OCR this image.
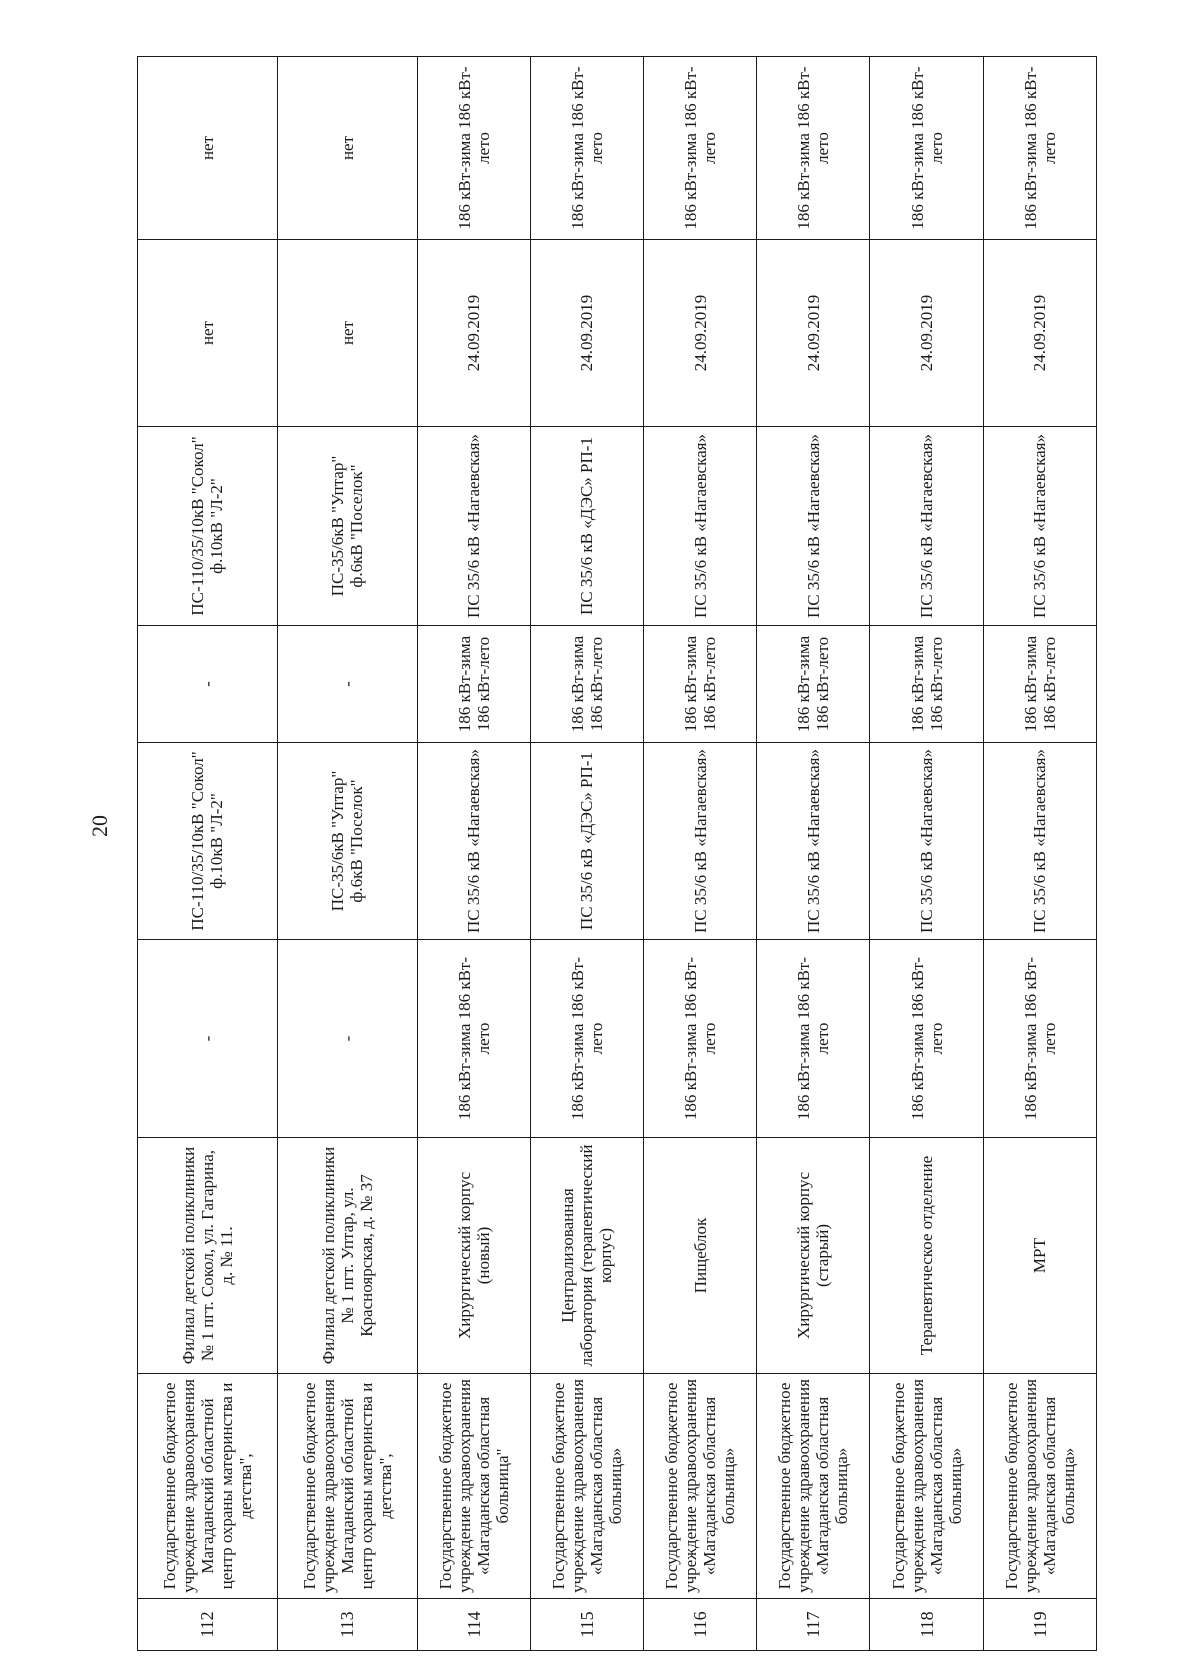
20
112	Государственное бюджетное учреждение здравоохранения Магаданский областной центр охраны материнства и детства",	Филиал детской поликлиники № 1 пгт. Сокол, ул. Гагарина, д. № 11.	-	ПС-110/35/10кВ "Сокол" ф.10кВ "Л-2"	-	ПС-110/35/10кВ "Сокол" ф.10кВ "Л-2"	нет	нет
113	Государственное бюджетное учреждение здравоохранения Магаданский областной центр охраны материнства и детства",	Филиал детской поликлиники № 1 пгт. Уптар, ул. Красноярская, д. № 37	-	ПС-35/6кВ "Уптар" ф.6кВ "Поселок"	-	ПС-35/6кВ "Уптар" ф.6кВ "Поселок"	нет	нет
114	Государственное бюджетное учреждение здравоохранения «Магаданская областная больница"	Хирургический корпус (новый)	186 кВт-зима 186 кВт-лето	ПС 35/6 кВ «Нагаевская»	186 кВт-зима 186 кВт-лето	ПС 35/6 кВ «Нагаевская»	24.09.2019	186 кВт-зима 186 кВт-лето
115	Государственное бюджетное учреждение здравоохранения «Магаданская областная больница»	Централизованная лаборатория (терапевтический корпус)	186 кВт-зима 186 кВт-лето	ПС 35/6 кВ «ДЭС» РП-1	186 кВт-зима 186 кВт-лето	ПС 35/6 кВ «ДЭС» РП-1	24.09.2019	186 кВт-зима 186 кВт-лето
116	Государственное бюджетное учреждение здравоохранения «Магаданская областная больница»	Пищеблок	186 кВт-зима 186 кВт-лето	ПС 35/6 кВ «Нагаевская»	186 кВт-зима 186 кВт-лето	ПС 35/6 кВ «Нагаевская»	24.09.2019	186 кВт-зима 186 кВт-лето
117	Государственное бюджетное учреждение здравоохранения «Магаданская областная больница»	Хирургический корпус (старый)	186 кВт-зима 186 кВт-лето	ПС 35/6 кВ «Нагаевская»	186 кВт-зима 186 кВт-лето	ПС 35/6 кВ «Нагаевская»	24.09.2019	186 кВт-зима 186 кВт-лето
118	Государственное бюджетное учреждение здравоохранения «Магаданская областная больница»	Терапевтическое отделение	186 кВт-зима 186 кВт-лето	ПС 35/6 кВ «Нагаевская»	186 кВт-зима 186 кВт-лето	ПС 35/6 кВ «Нагаевская»	24.09.2019	186 кВт-зима 186 кВт-лето
119	Государственное бюджетное учреждение здравоохранения «Магаданская областная больница»	МРТ	186 кВт-зима 186 кВт-лето	ПС 35/6 кВ «Нагаевская»	186 кВт-зима 186 кВт-лето	ПС 35/6 кВ «Нагаевская»	24.09.2019	186 кВт-зима 186 кВт-лето
